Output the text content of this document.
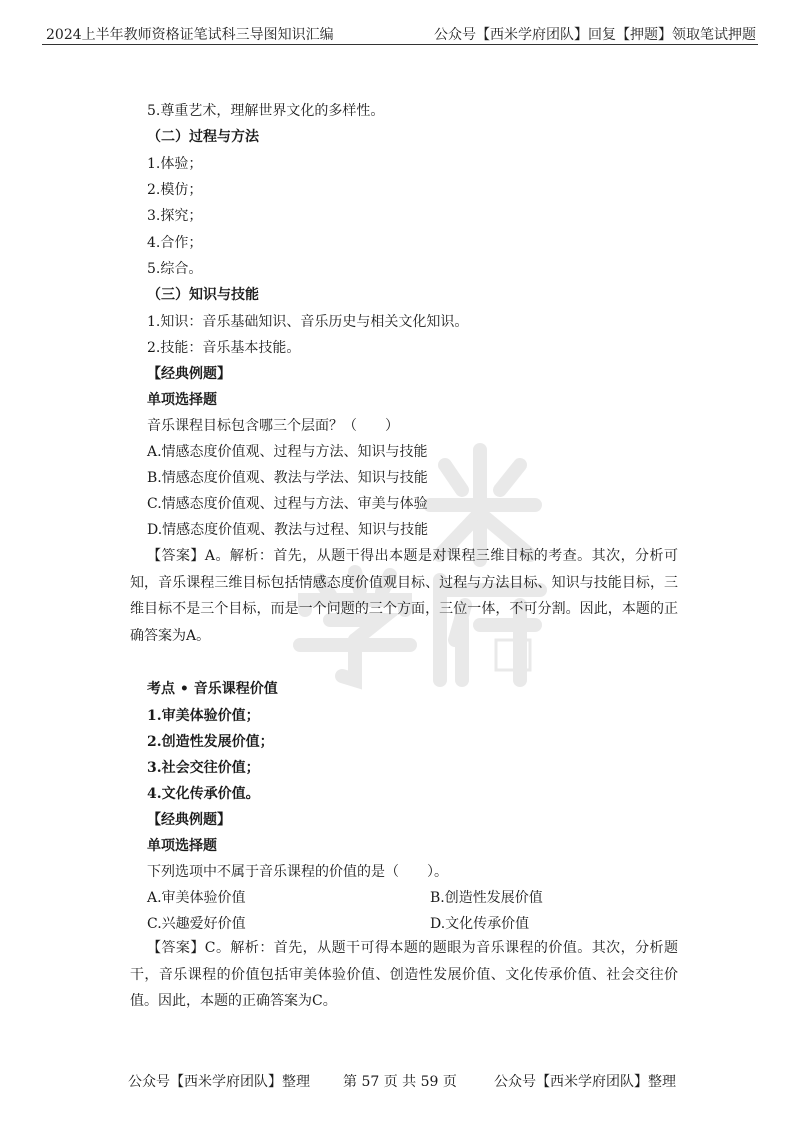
2024上半年教师资格证笔试科三导图知识汇编	公众号【西米学府团队】回复【押题】领取笔试押题
5.尊重艺术，理解世界文化的多样性。
（二）过程与方法
1.体验；
2.模仿；
3.探究；
4.合作；
5.综合。
（三）知识与技能
1.知识：音乐基础知识、音乐历史与相关文化知识。
2.技能：音乐基本技能。
【经典例题】
单项选择题
音乐课程目标包含哪三个层面？（　　）
A.情感态度价值观、过程与方法、知识与技能
B.情感态度价值观、教法与学法、知识与技能
C.情感态度价值观、过程与方法、审美与体验
D.情感态度价值观、教法与过程、知识与技能
【答案】A。解析：首先，从题干得出本题是对课程三维目标的考查。其次，分析可知，音乐课程三维目标包括情感态度价值观目标、过程与方法目标、知识与技能目标，三维目标不是三个目标，而是一个问题的三个方面，三位一体，不可分割。因此，本题的正确答案为A。
考点 • 音乐课程价值
1.审美体验价值；
2.创造性发展价值；
3.社会交往价值；
4.文化传承价值。
【经典例题】
单项选择题
下列选项中不属于音乐课程的价值的是（　　）。
A.审美体验价值	B.创造性发展价值
C.兴趣爱好价值	D.文化传承价值
【答案】C。解析：首先，从题干可得本题的题眼为音乐课程的价值。其次，分析题干，音乐课程的价值包括审美体验价值、创造性发展价值、文化传承价值、社会交往价值。因此，本题的正确答案为C。
公众号【西米学府团队】整理 第 57 页 共 59 页	公众号【西米学府团队】整理
